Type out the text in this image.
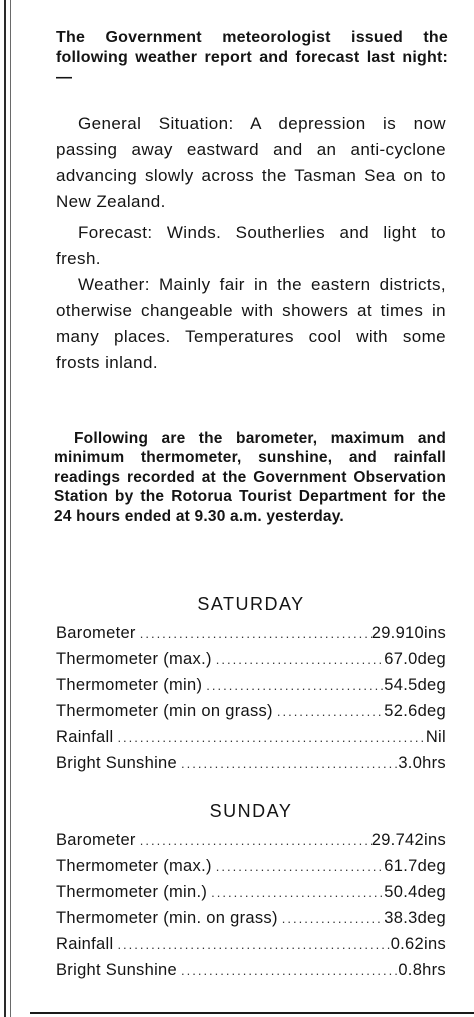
The Government meteorologist issued the following weather report and forecast last night:—
General Situation: A depression is now passing away eastward and an anti-cyclone advancing slowly across the Tasman Sea on to New Zealand.
Forecast: Winds. Southerlies and light to fresh.
Weather: Mainly fair in the eastern districts, otherwise changeable with showers at times in many places. Temperatures cool with some frosts inland.
Following are the barometer, maximum and minimum thermometer, sunshine, and rainfall readings recorded at the Government Observation Station by the Rotorua Tourist Department for the 24 hours ended at 9.30 a.m. yesterday.
SATURDAY
Barometer .....	29.910ins
Thermometer (max.) .....	67.0deg
Thermometer (min) .....	54.5deg
Thermometer (min on grass) .....	52.6deg
Rainfall .....	Nil
Bright Sunshine .....	3.0hrs
SUNDAY
Barometer .....	29.742ins
Thermometer (max.) .....	61.7deg
Thermometer (min.) .....	50.4deg
Thermometer (min. on grass) .....	38.3deg
Rainfall .....	0.62ins
Bright Sunshine .....	0.8hrs
